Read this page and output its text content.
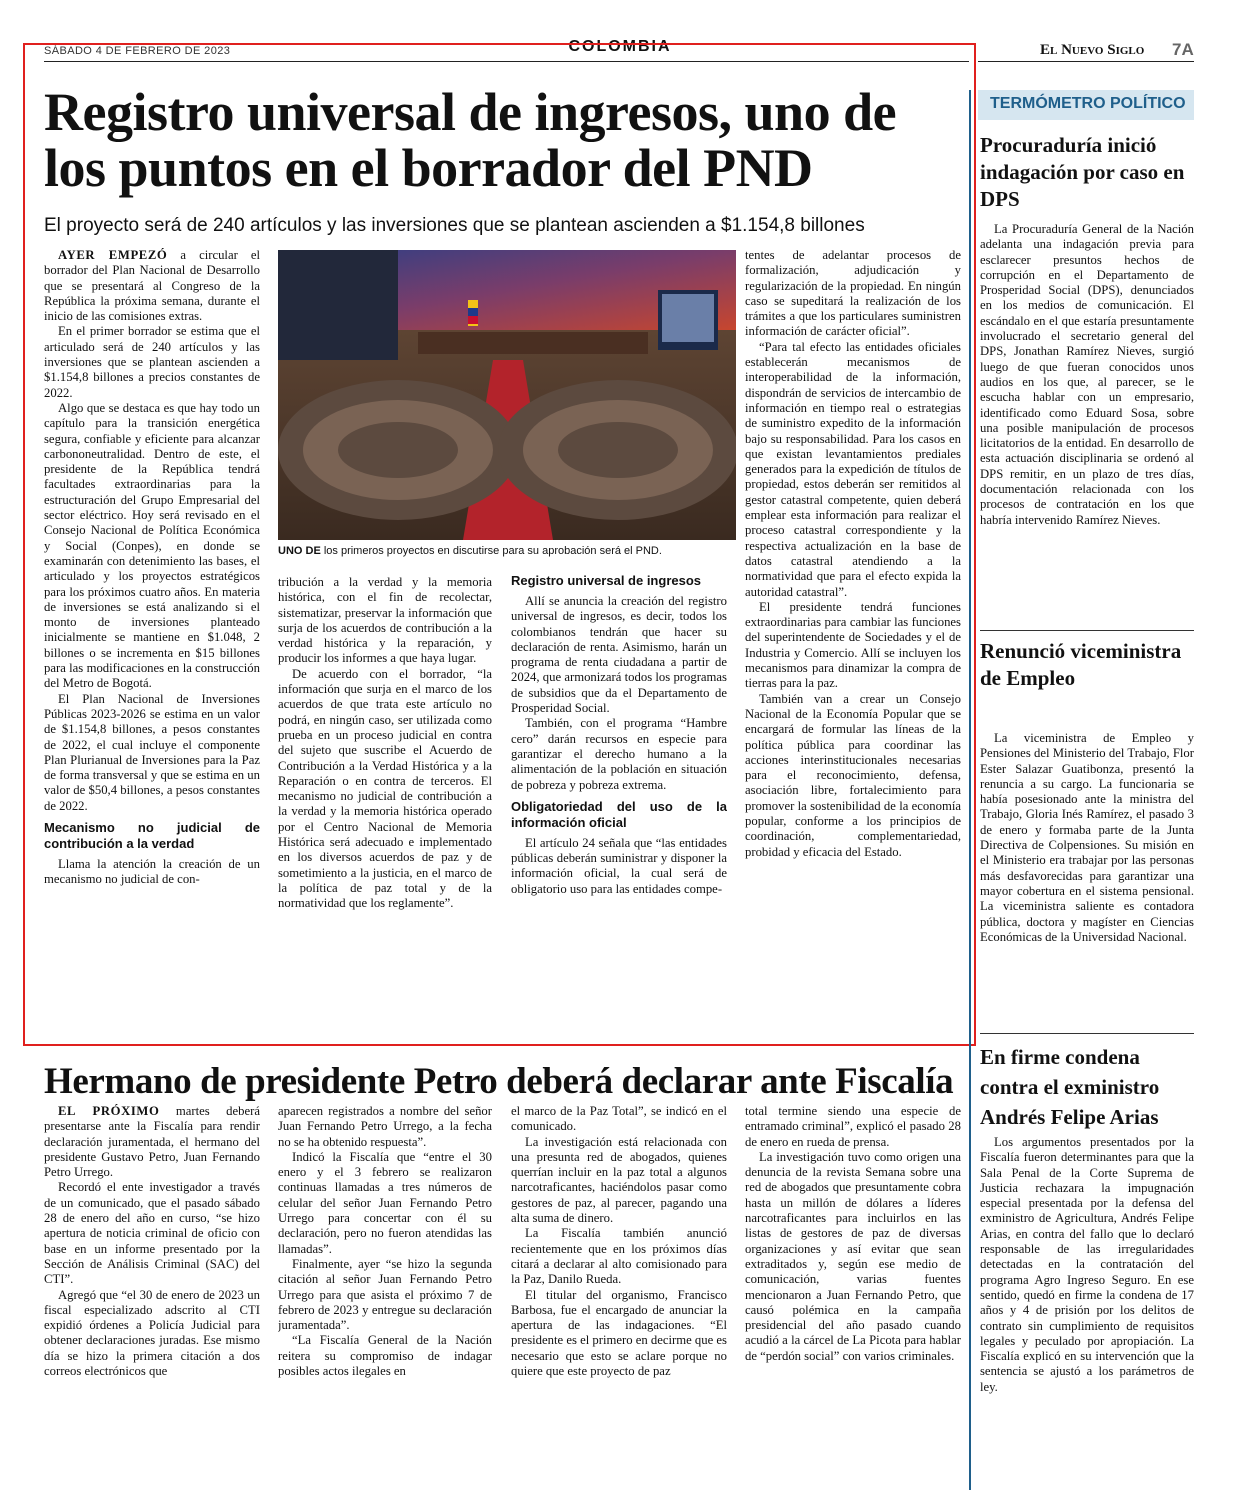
SÁBADO 4 DE FEBRERO DE 2023	COLOMBIA	El Nuevo Siglo 7A
Registro universal de ingresos, uno de los puntos en el borrador del PND
El proyecto será de 240 artículos y las inversiones que se plantean ascienden a $1.154,8 billones

AYER EMPEZÓ a circular el borrador del Plan Nacional de Desarrollo que se presentará al Congreso de la República la próxima semana, durante el inicio de las comisiones extras.

En el primer borrador se estima que el articulado será de 240 artículos y las inversiones que se plantean ascienden a $1.154,8 billones a precios constantes de 2022.

Algo que se destaca es que hay todo un capítulo para la transición energética segura, confiable y eficiente para alcanzar carbononeutralidad. Dentro de este, el presidente de la República tendrá facultades extraordinarias para la estructuración del Grupo Empresarial del sector eléctrico. Hoy será revisado en el Consejo Nacional de Política Económica y Social (Conpes), en donde se examinarán con detenimiento las bases, el articulado y los proyectos estratégicos para los próximos cuatro años. En materia de inversiones se está analizando si el monto de inversiones planteado inicialmente se mantiene en $1.048, 2 billones o se incrementa en $15 billones para las modificaciones en la construcción del Metro de Bogotá.

El Plan Nacional de Inversiones Públicas 2023-2026 se estima en un valor de $1.154,8 billones, a pesos constantes de 2022, el cual incluye el componente Plan Plurianual de Inversiones para la Paz de forma transversal y que se estima en un valor de $50,4 billones, a pesos constantes de 2022.

Mecanismo no judicial de contribución a la verdad

Llama la atención la creación de un mecanismo no judicial de con-

UNO DE los primeros proyectos en discutirse para su aprobación será el PND.

tribución a la verdad y la memoria histórica, con el fin de recolectar, sistematizar, preservar la información que surja de los acuerdos de contribución a la verdad histórica y la reparación, y producir los informes a que haya lugar.

De acuerdo con el borrador, “la información que surja en el marco de los acuerdos de que trata este artículo no podrá, en ningún caso, ser utilizada como prueba en un proceso judicial en contra del sujeto que suscribe el Acuerdo de Contribución a la Verdad Histórica y a la Reparación o en contra de terceros. El mecanismo no judicial de contribución a la verdad y la memoria histórica operado por el Centro Nacional de Memoria Histórica será adecuado e implementado en los diversos acuerdos de paz y de sometimiento a la justicia, en el marco de la política de paz total y de la normatividad que los reglamente”.

Registro universal de ingresos

Allí se anuncia la creación del registro universal de ingresos, es decir, todos los colombianos tendrán que hacer su declaración de renta. Asimismo, harán un programa de renta ciudadana a partir de 2024, que armonizará todos los programas de subsidios que da el Departamento de Prosperidad Social.

También, con el programa “Hambre cero” darán recursos en especie para garantizar el derecho humano a la alimentación de la población en situación de pobreza y pobreza extrema.

Obligatoriedad del uso de la información oficial

El artículo 24 señala que “las entidades públicas deberán suministrar y disponer la información oficial, la cual será de obligatorio uso para las entidades compe-

tentes de adelantar procesos de formalización, adjudicación y regularización de la propiedad. En ningún caso se supeditará la realización de los trámites a que los particulares suministren información de carácter oficial”.

“Para tal efecto las entidades oficiales establecerán mecanismos de interoperabilidad de la información, dispondrán de servicios de intercambio de información en tiempo real o estrategias de suministro expedito de la información bajo su responsabilidad. Para los casos en que existan levantamientos prediales generados para la expedición de títulos de propiedad, estos deberán ser remitidos al gestor catastral competente, quien deberá emplear esta información para realizar el proceso catastral correspondiente y la respectiva actualización en la base de datos catastral atendiendo a la normatividad que para el efecto expida la autoridad catastral”.

El presidente tendrá funciones extraordinarias para cambiar las funciones del superintendente de Sociedades y el de Industria y Comercio. Allí se incluyen los mecanismos para dinamizar la compra de tierras para la paz.

También van a crear un Consejo Nacional de la Economía Popular que se encargará de formular las líneas de la política pública para coordinar las acciones interinstitucionales necesarias para el reconocimiento, defensa, asociación libre, fortalecimiento para promover la sostenibilidad de la economía popular, conforme a los principios de coordinación, complementariedad, probidad y eficacia del Estado.

Hermano de presidente Petro deberá declarar ante Fiscalía

EL PRÓXIMO martes deberá presentarse ante la Fiscalía para rendir declaración juramentada, el hermano del presidente Gustavo Petro, Juan Fernando Petro Urrego.

Recordó el ente investigador a través de un comunicado, que el pasado sábado 28 de enero del año en curso, “se hizo apertura de noticia criminal de oficio con base en un informe presentado por la Sección de Análisis Criminal (SAC) del CTI”.

Agregó que “el 30 de enero de 2023 un fiscal especializado adscrito al CTI expidió órdenes a Policía Judicial para obtener declaraciones juradas. Ese mismo día se hizo la primera citación a dos correos electrónicos que

aparecen registrados a nombre del señor Juan Fernando Petro Urrego, a la fecha no se ha obtenido respuesta”.

Indicó la Fiscalía que “entre el 30 enero y el 3 febrero se realizaron continuas llamadas a tres números de celular del señor Juan Fernando Petro Urrego para concertar con él su declaración, pero no fueron atendidas las llamadas”.

Finalmente, ayer “se hizo la segunda citación al señor Juan Fernando Petro Urrego para que asista el próximo 7 de febrero de 2023 y entregue su declaración juramentada”.

“La Fiscalía General de la Nación reitera su compromiso de indagar posibles actos ilegales en

el marco de la Paz Total”, se indicó en el comunicado.

La investigación está relacionada con una presunta red de abogados, quienes querrían incluir en la paz total a algunos narcotraficantes, haciéndolos pasar como gestores de paz, al parecer, pagando una alta suma de dinero.

La Fiscalía también anunció recientemente que en los próximos días citará a declarar al alto comisionado para la Paz, Danilo Rueda.

El titular del organismo, Francisco Barbosa, fue el encargado de anunciar la apertura de las indagaciones. “El presidente es el primero en decirme que es necesario que esto se aclare porque no quiere que este proyecto de paz

total termine siendo una especie de entramado criminal”, explicó el pasado 28 de enero en rueda de prensa.

La investigación tuvo como origen una denuncia de la revista Semana sobre una red de abogados que presuntamente cobra hasta un millón de dólares a líderes narcotraficantes para incluirlos en las listas de gestores de paz de diversas organizaciones y así evitar que sean extraditados y, según ese medio de comunicación, varias fuentes mencionaron a Juan Fernando Petro, que causó polémica en la campaña presidencial del año pasado cuando acudió a la cárcel de La Picota para hablar de “perdón social” con varios criminales.

TERMÓMETRO POLÍTICO
Procuraduría inició indagación por caso en DPS

La Procuraduría General de la Nación adelanta una indagación previa para esclarecer presuntos hechos de corrupción en el Departamento de Prosperidad Social (DPS), denunciados en los medios de comunicación. El escándalo en el que estaría presuntamente involucrado el secretario general del DPS, Jonathan Ramírez Nieves, surgió luego de que fueran conocidos unos audios en los que, al parecer, se le escucha hablar con un empresario, identificado como Eduard Sosa, sobre una posible manipulación de procesos licitatorios de la entidad. En desarrollo de esta actuación disciplinaria se ordenó al DPS remitir, en un plazo de tres días, documentación relacionada con los procesos de contratación en los que habría intervenido Ramírez Nieves.

Renunció viceministra de Empleo

La viceministra de Empleo y Pensiones del Ministerio del Trabajo, Flor Ester Salazar Guatibonza, presentó la renuncia a su cargo. La funcionaria se había posesionado ante la ministra del Trabajo, Gloria Inés Ramírez, el pasado 3 de enero y formaba parte de la Junta Directiva de Colpensiones. Su misión en el Ministerio era trabajar por las personas más desfavorecidas para garantizar una mayor cobertura en el sistema pensional. La viceministra saliente es contadora pública, doctora y magíster en Ciencias Económicas de la Universidad Nacional.

En firme condena contra el exministro Andrés Felipe Arias

Los argumentos presentados por la Fiscalía fueron determinantes para que la Sala Penal de la Corte Suprema de Justicia rechazara la impugnación especial presentada por la defensa del exministro de Agricultura, Andrés Felipe Arias, en contra del fallo que lo declaró responsable de las irregularidades detectadas en la contratación del programa Agro Ingreso Seguro. En ese sentido, quedó en firme la condena de 17 años y 4 de prisión por los delitos de contrato sin cumplimiento de requisitos legales y peculado por apropiación. La Fiscalía explicó en su intervención que la sentencia se ajustó a los parámetros de ley.
